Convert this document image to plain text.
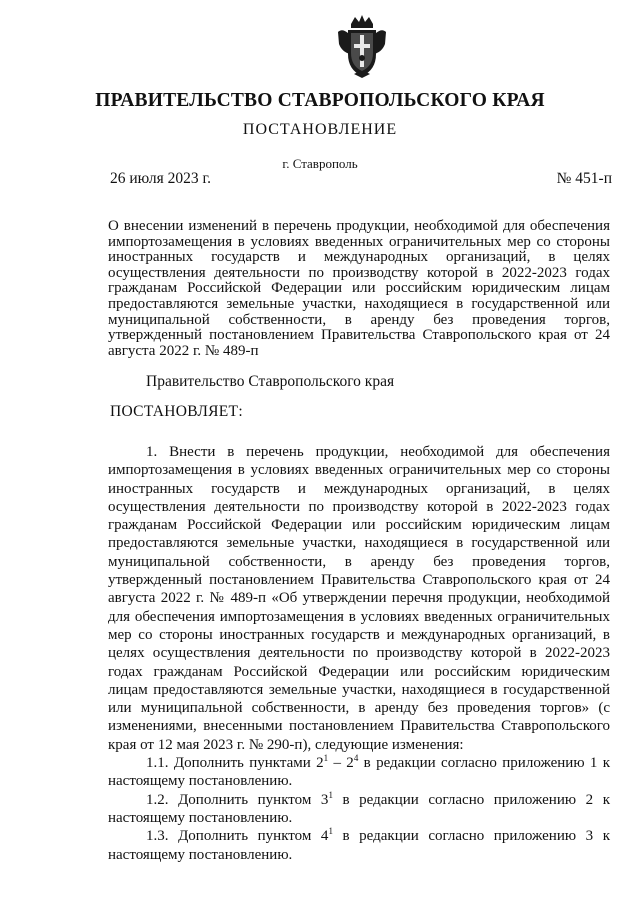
ПРАВИТЕЛЬСТВО СТАВРОПОЛЬСКОГО КРАЯ
ПОСТАНОВЛЕНИЕ
г. Ставрополь
26 июля 2023 г.	№ 451-п
О внесении изменений в перечень продукции, необходимой для обеспечения импортозамещения в условиях введенных ограничительных мер со стороны иностранных государств и международных организаций, в целях осуществления деятельности по производству которой в 2022-2023 годах гражданам Российской Федерации или российским юридическим лицам предоставляются земельные участки, находящиеся в государственной или муниципальной собственности, в аренду без проведения торгов, утвержденный постановлением Правительства Ставропольского края от 24 августа 2022 г. № 489-п
Правительство Ставропольского края
ПОСТАНОВЛЯЕТ:

1. Внести в перечень продукции, необходимой для обеспечения импортозамещения в условиях введенных ограничительных мер со стороны иностранных государств и международных организаций, в целях осуществления деятельности по производству которой в 2022-2023 годах гражданам Российской Федерации или российским юридическим лицам предоставляются земельные участки, находящиеся в государственной или муниципальной собственности, в аренду без проведения торгов, утвержденный постановлением Правительства Ставропольского края от 24 августа 2022 г. № 489-п «Об утверждении перечня продукции, необходимой для обеспечения импортозамещения в условиях введенных ограничительных мер со стороны иностранных государств и международных организаций, в целях осуществления деятельности по производству которой в 2022-2023 годах гражданам Российской Федерации или российским юридическим лицам предоставляются земельные участки, находящиеся в государственной или муниципальной собственности, в аренду без проведения торгов» (с изменениями, внесенными постановлением Правительства Ставропольского края от 12 мая 2023 г. № 290-п), следующие изменения:

1.1. Дополнить пунктами $2^1 - 2^4$ в редакции согласно приложению 1 к настоящему постановлению.

1.2. Дополнить пунктом $3^1$ в редакции согласно приложению 2 к настоящему постановлению.

1.3. Дополнить пунктом $4^1$ в редакции согласно приложению 3 к настоящему постановлению.
